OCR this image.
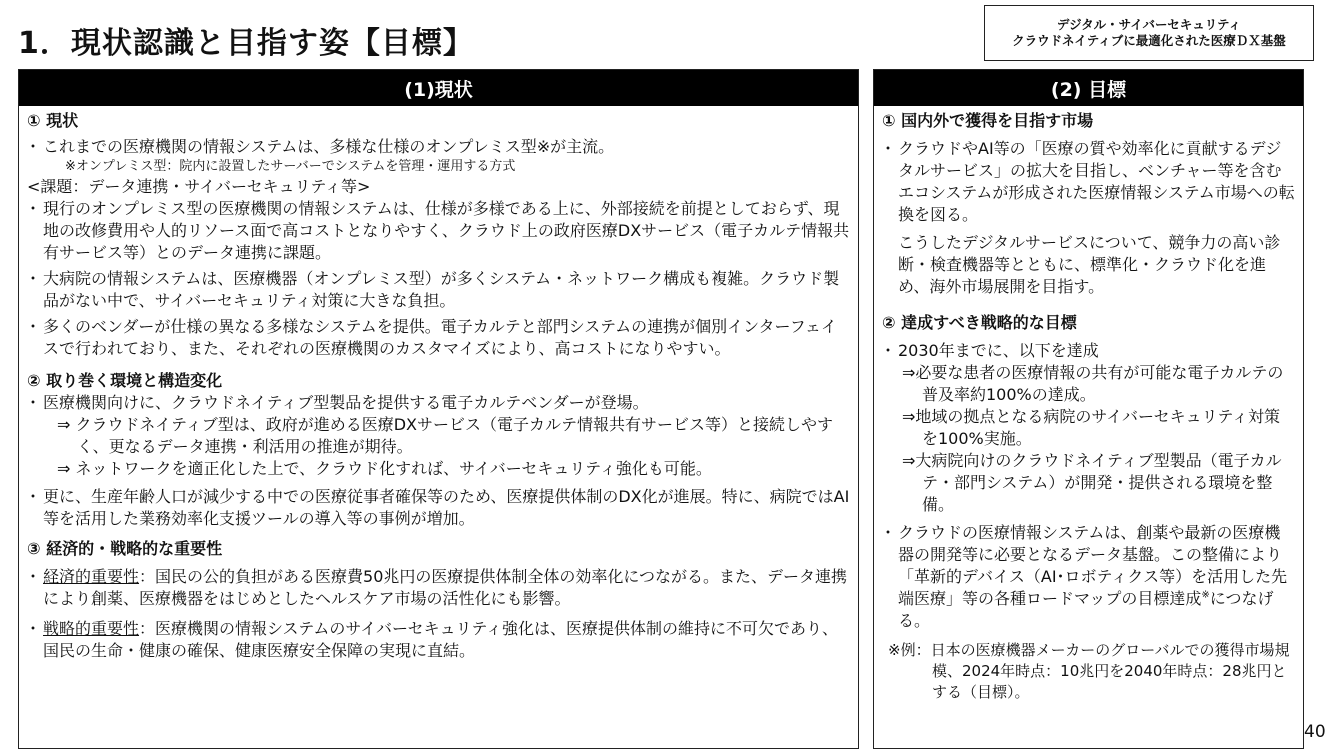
1．現状認識と目指す姿【目標】
デジタル・サイバーセキュリティ
クラウドネイティブに最適化された医療ＤＸ基盤
(1)現状
① 現状
・ これまでの医療機関の情報システムは、多様な仕様のオンプレミス型※が主流。
※オンプレミス型：院内に設置したサーバーでシステムを管理・運用する方式
<課題：データ連携・サイバーセキュリティ等>
・ 現行のオンプレミス型の医療機関の情報システムは、仕様が多様である上に、外部接続を前提としておらず、現地の改修費用や人的リソース面で高コストとなりやすく、クラウド上の政府医療DXサービス（電子カルテ情報共有サービス等）とのデータ連携に課題。
・ 大病院の情報システムは、医療機器（オンプレミス型）が多くシステム・ネットワーク構成も複雑。クラウド製品がない中で、サイバーセキュリティ対策に大きな負担。
・ 多くのベンダーが仕様の異なる多様なシステムを提供。電子カルテと部門システムの連携が個別インターフェイスで行われており、また、それぞれの医療機関のカスタマイズにより、高コストになりやすい。
② 取り巻く環境と構造変化
・ 医療機関向けに、クラウドネイティブ型製品を提供する電子カルテベンダーが登場。
⇒ クラウドネイティブ型は、政府が進める医療DXサービス（電子カルテ情報共有サービス等）と接続しやすく、更なるデータ連携・利活用の推進が期待。
⇒ ネットワークを適正化した上で、クラウド化すれば、サイバーセキュリティ強化も可能。
・ 更に、生産年齢人口が減少する中での医療従事者確保等のため、医療提供体制のDX化が進展。特に、病院ではAI等を活用した業務効率化支援ツールの導入等の事例が増加。
③ 経済的・戦略的な重要性
・ 経済的重要性：国民の公的負担がある医療費50兆円の医療提供体制全体の効率化につながる。また、データ連携により創薬、医療機器をはじめとしたヘルスケア市場の活性化にも影響。
・ 戦略的重要性：医療機関の情報システムのサイバーセキュリティ強化は、医療提供体制の維持に不可欠であり、国民の生命・健康の確保、健康医療安全保障の実現に直結。
(2) 目標
① 国内外で獲得を目指す市場
・ クラウドやAI等の「医療の質や効率化に貢献するデジタルサービス」の拡大を目指し、ベンチャー等を含むエコシステムが形成された医療情報システム市場への転換を図る。
こうしたデジタルサービスについて、競争力の高い診断・検査機器等とともに、標準化・クラウド化を進め、海外市場展開を目指す。
② 達成すべき戦略的な目標
・ 2030年までに、以下を達成
⇒必要な患者の医療情報の共有が可能な電子カルテの普及率約100%の達成。
⇒地域の拠点となる病院のサイバーセキュリティ対策を100%実施。
⇒大病院向けのクラウドネイティブ型製品（電子カルテ・部門システム）が開発・提供される環境を整備。
・ クラウドの医療情報システムは、創薬や最新の医療機器の開発等に必要となるデータ基盤。この整備により「革新的デバイス（AI･ロボティクス等）を活用した先端医療」等の各種ロードマップの目標達成※につなげる。
※例：日本の医療機器メーカーのグローバルでの獲得市場規模、2024年時点：10兆円を2040年時点：28兆円とする（目標）。
40
